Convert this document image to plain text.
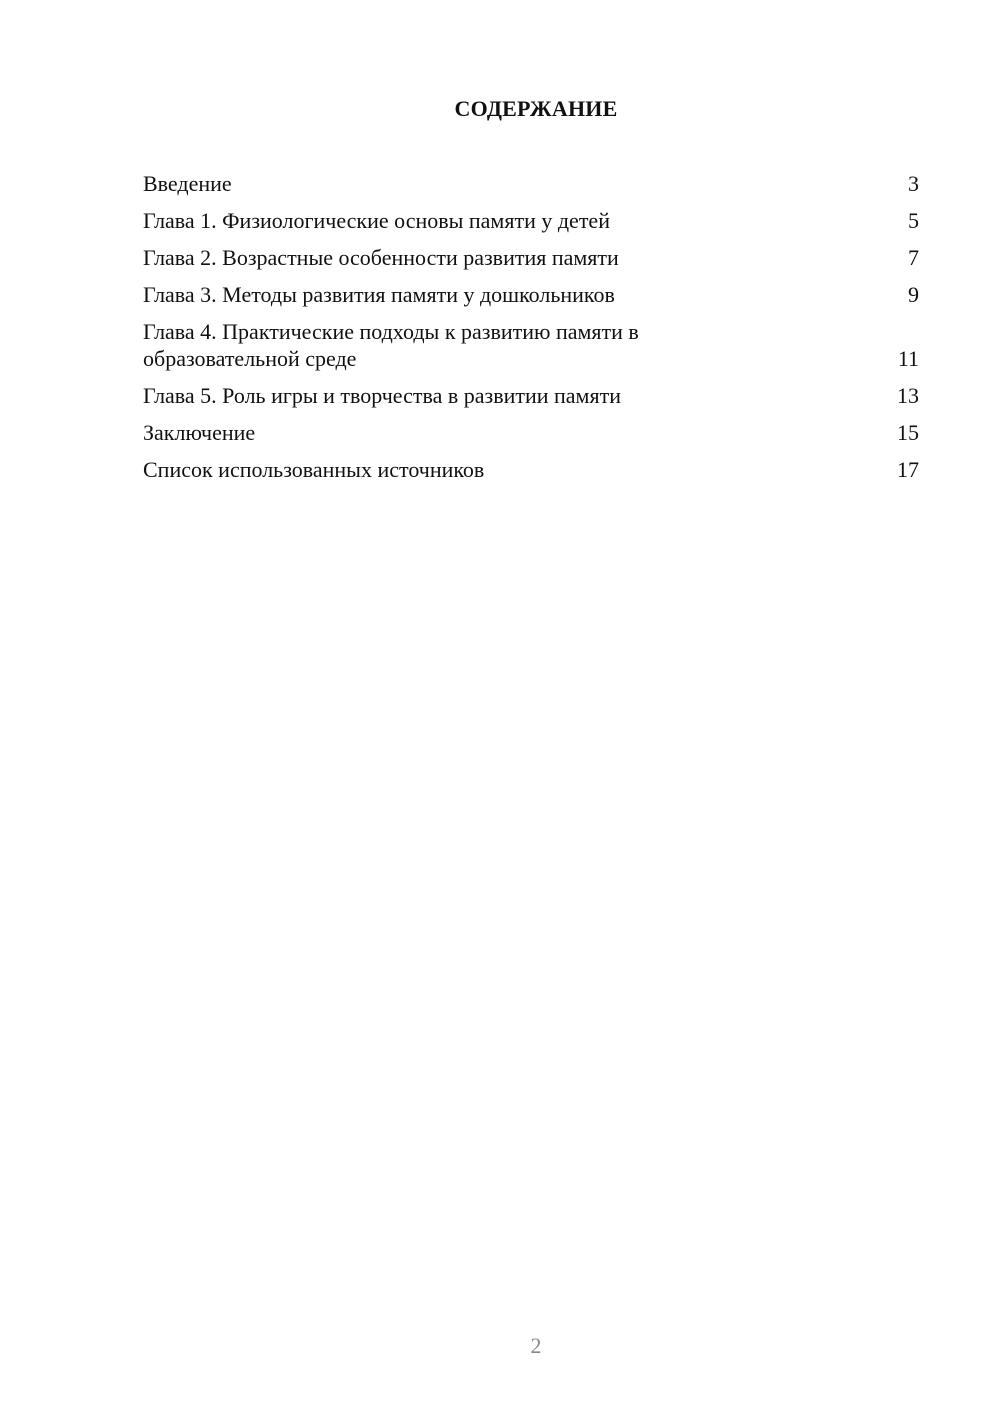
СОДЕРЖАНИЕ
Введение	3
Глава 1. Физиологические основы памяти у детей	5
Глава 2. Возрастные особенности развития памяти	7
Глава 3. Методы развития памяти у дошкольников	9
Глава 4. Практические подходы к развитию памяти в образовательной среде	11
Глава 5. Роль игры и творчества в развитии памяти	13
Заключение	15
Список использованных источников	17
2
